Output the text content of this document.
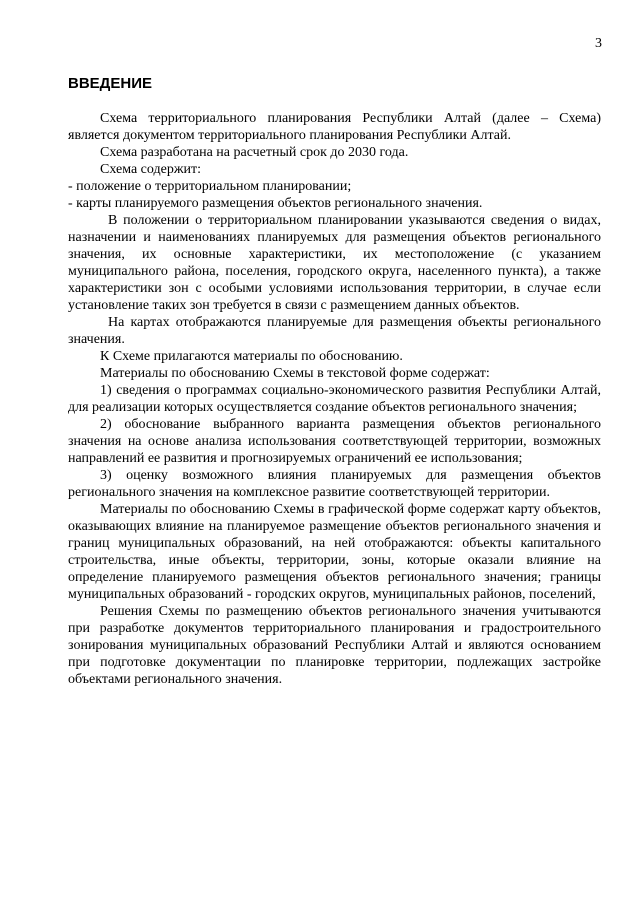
3
ВВЕДЕНИЕ

Схема территориального планирования Республики Алтай (далее – Схема) является документом территориального планирования Республики Алтай.

Схема разработана на расчетный срок до 2030 года.

Схема содержит:

- положение о территориальном планировании;

- карты планируемого размещения объектов регионального значения.

В положении о территориальном планировании указываются сведения о видах, назначении и наименованиях планируемых для размещения объектов регионального значения, их основные характеристики, их местоположение (с указанием муниципального района, поселения, городского округа, населенного пункта), а также характеристики зон с особыми условиями использования территории, в случае если установление таких зон требуется в связи с размещением данных объектов.

На картах отображаются планируемые для размещения объекты регионального значения.

К Схеме прилагаются материалы по обоснованию.

Материалы по обоснованию Схемы в текстовой форме содержат:

1) сведения о программах социально-экономического развития Республики Алтай, для реализации которых осуществляется создание объектов регионального значения;

2) обоснование выбранного варианта размещения объектов регионального значения на основе анализа использования соответствующей территории, возможных направлений ее развития и прогнозируемых ограничений ее использования;

3) оценку возможного влияния планируемых для размещения объектов регионального значения на комплексное развитие соответствующей территории.

Материалы по обоснованию Схемы в графической форме содержат карту объектов, оказывающих влияние на планируемое размещение объектов регионального значения и границ муниципальных образований, на ней отображаются: объекты капитального строительства, иные объекты, территории, зоны, которые оказали влияние на определение планируемого размещения объектов регионального значения; границы муниципальных образований - городских округов, муниципальных районов, поселений,

Решения Схемы по размещению объектов регионального значения учитываются при разработке документов территориального планирования и градостроительного зонирования муниципальных образований Республики Алтай и являются основанием при подготовке документации по планировке территории, подлежащих застройке объектами регионального значения.
